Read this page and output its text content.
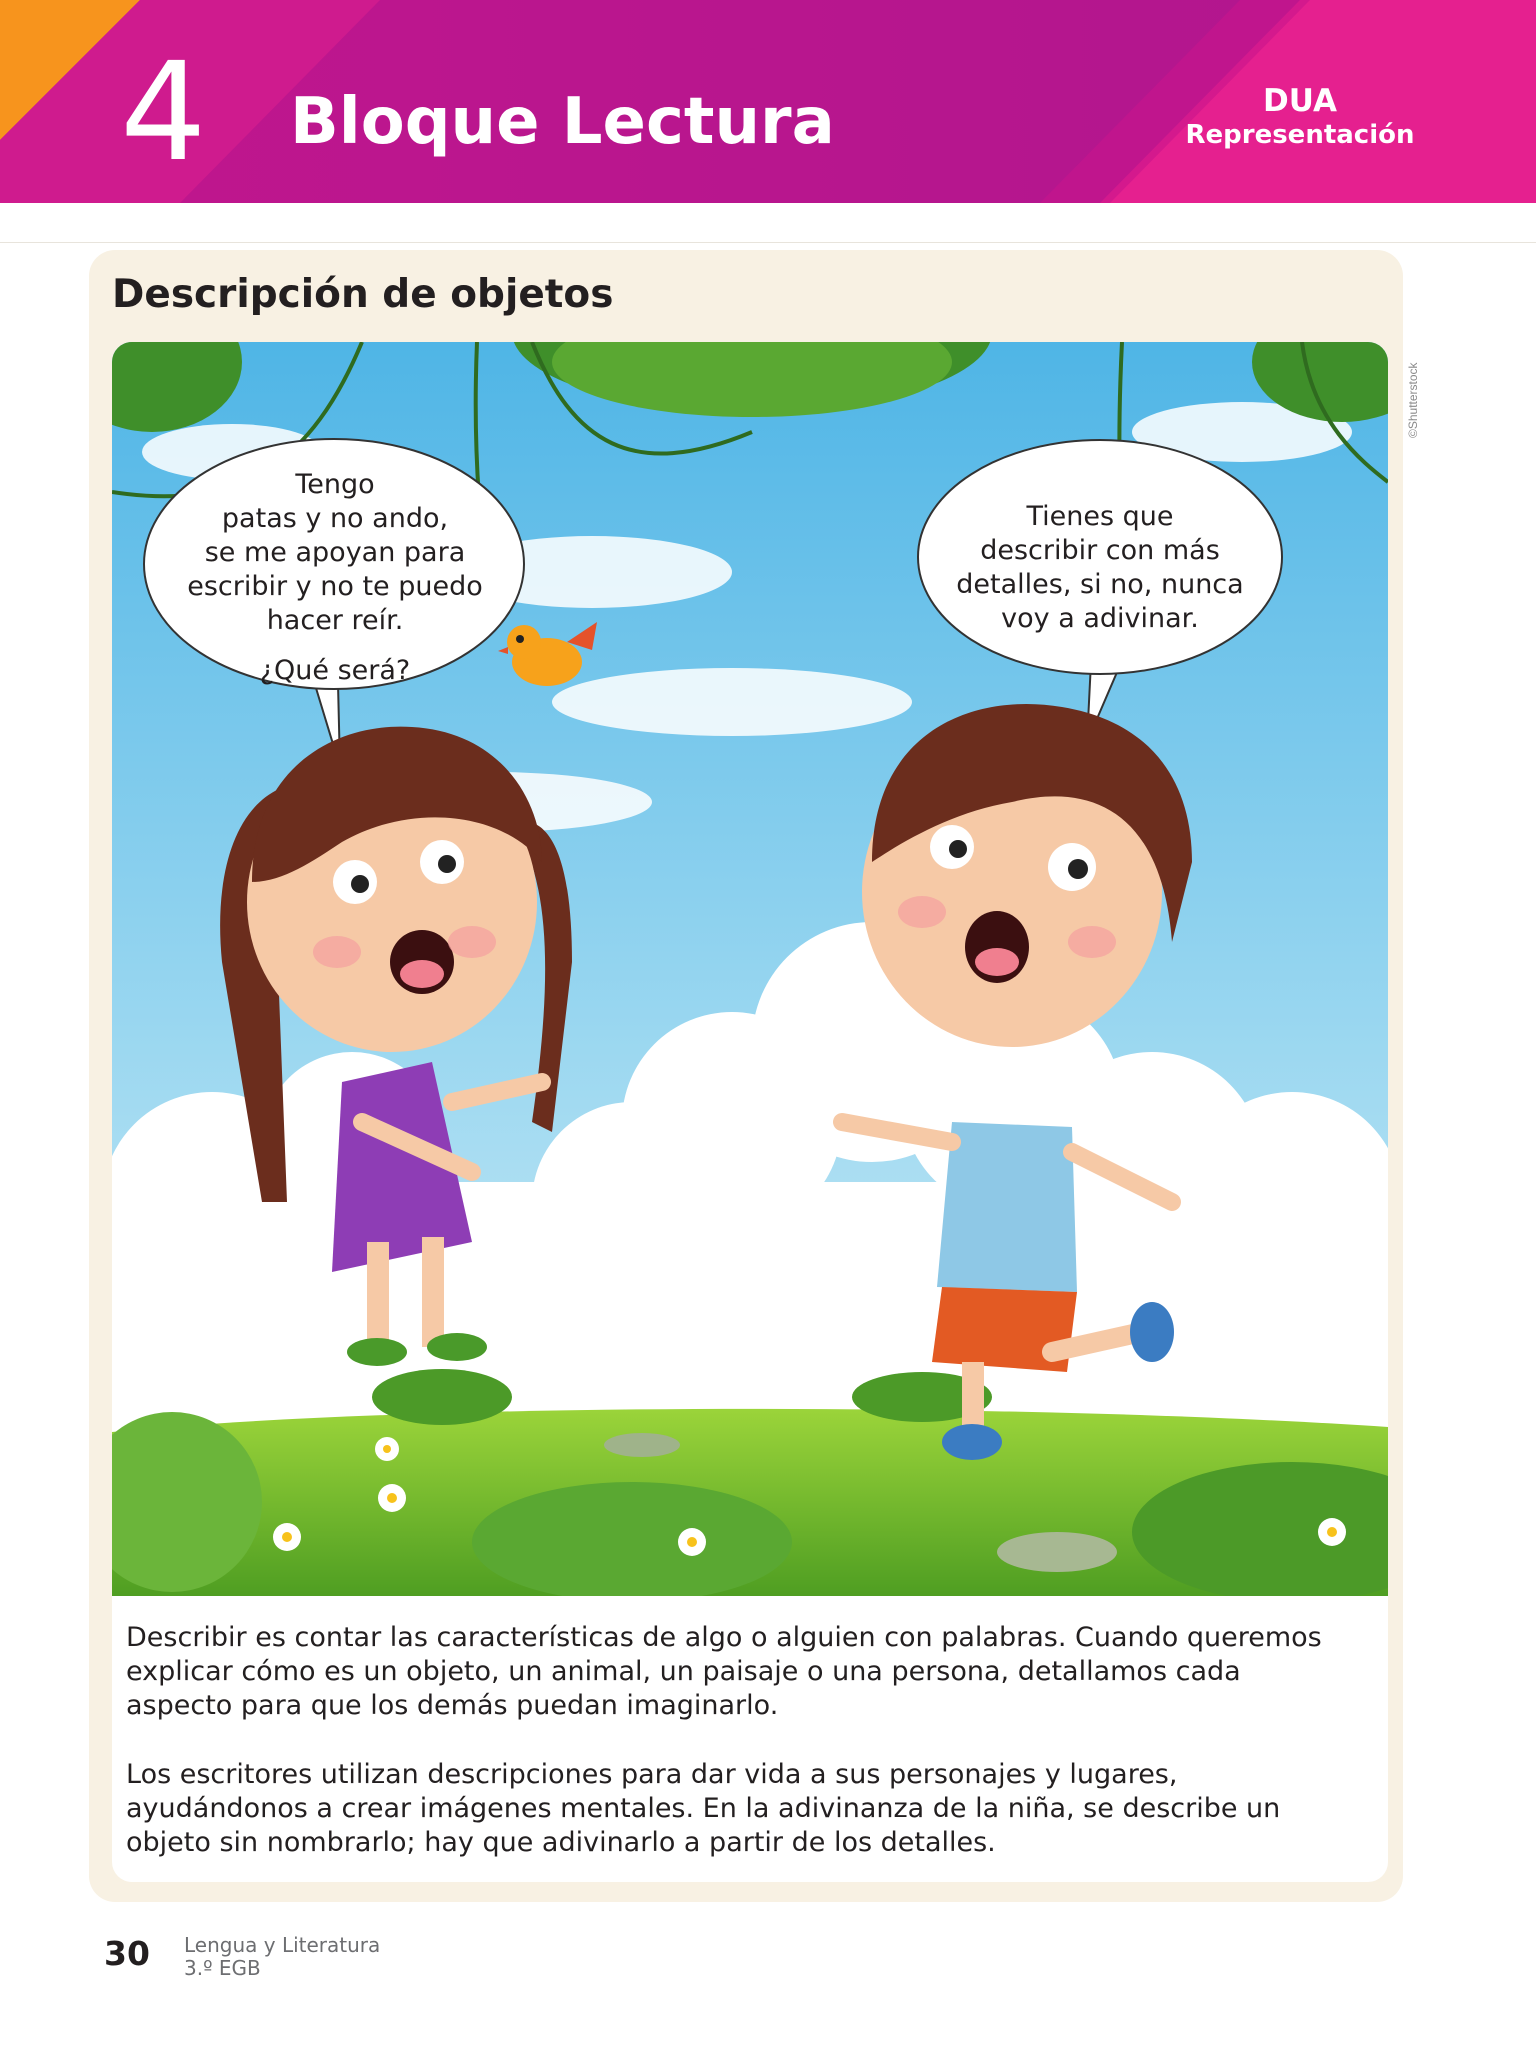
4 Bloque Lectura	DUA
Representación
Descripción de objetos
©Shutterstock
Tengo
patas y no ando,
se me apoyan para
escribir y no te puedo
hacer reír.
¿Qué será?
Tienes que
describir con más
detalles, si no, nunca
voy a adivinar.
Describir es contar las características de algo o alguien con palabras. Cuando queremos
explicar cómo es un objeto, un animal, un paisaje o una persona, detallamos cada
aspecto para que los demás puedan imaginarlo.
Los escritores utilizan descripciones para dar vida a sus personajes y lugares,
ayudándonos a crear imágenes mentales. En la adivinanza de la niña, se describe un
objeto sin nombrarlo; hay que adivinarlo a partir de los detalles.
30 Lengua y Literatura
3.º EGB
